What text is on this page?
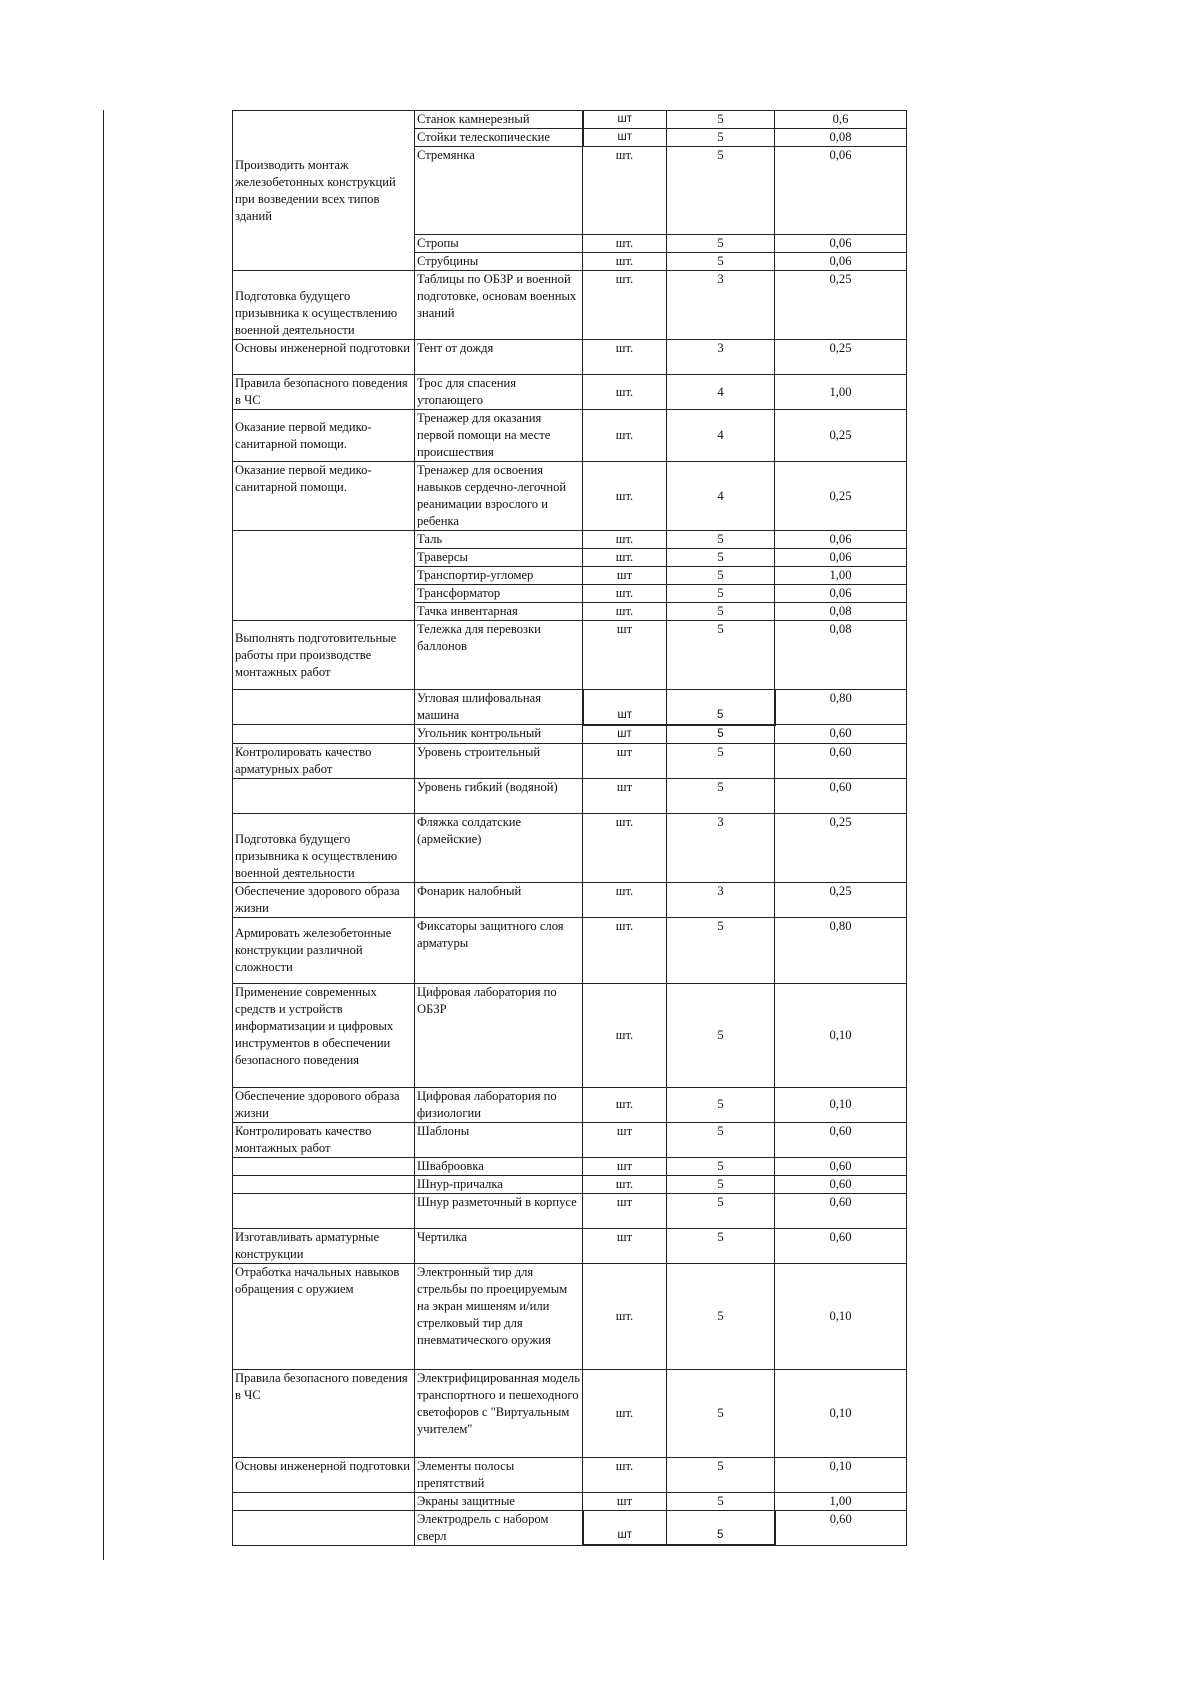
Производить монтаж железобетонных конструкций при возведении всех типов зданий	Станок камнерезный	шт	5	0,6
	Стойки телескопические	шт	5	0,08
	Стремянка	шт.	5	0,06
	Стропы	шт.	5	0,06
	Струбцины	шт.	5	0,06
Подготовка будущего призывника к осуществлению военной деятельности	Таблицы по ОБЗР и военной подготовке, основам военных знаний	шт.	3	0,25
Основы инженерной подготовки	Тент от дождя	шт.	3	0,25
Правила безопасного поведения в ЧС	Трос для спасения утопающего	шт.	4	1,00
Оказание первой медико-санитарной помощи.	Тренажер для оказания первой помощи на месте происшествия	шт.	4	0,25
Оказание первой медико-санитарной помощи.	Тренажер для освоения навыков сердечно-легочной реанимации взрослого и ребенка	шт.	4	0,25
	Таль	шт.	5	0,06
	Траверсы	шт.	5	0,06
	Транспортир-угломер	шт	5	1,00
	Трансформатор	шт.	5	0,06
	Тачка инвентарная	шт.	5	0,08
Выполнять подготовительные работы при производстве монтажных работ	Тележка для перевозки баллонов	шт	5	0,08
	Угловая шлифовальная машина	шт	5	0,80
	Угольник контрольный	шт	5	0,60
Контролировать качество арматурных работ	Уровень строительный	шт	5	0,60
	Уровень гибкий (водяной)	шт	5	0,60
Подготовка будущего призывника к осуществлению военной деятельности	Фляжка солдатские (армейские)	шт.	3	0,25
Обеспечение здорового образа жизни	Фонарик налобный	шт.	3	0,25
Армировать железобетонные конструкции различной сложности	Фиксаторы защитного слоя арматуры	шт.	5	0,80
Применение современных средств и устройств информатизации и цифровых инструментов в обеспечении безопасного поведения	Цифровая лаборатория по ОБЗР	шт.	5	0,10
Обеспечение здорового образа жизни	Цифровая лаборатория по физиологии	шт.	5	0,10
Контролировать качество монтажных работ	Шаблоны	шт	5	0,60
	Шваброовка	шт	5	0,60
	Шнур-причалка	шт.	5	0,60
	Шнур разметочный в корпусе	шт	5	0,60
Изготавливать арматурные конструкции	Чертилка	шт	5	0,60
Отработка начальных навыков обращения с оружием	Электронный тир для стрельбы по проецируемым на экран мишеням и/или стрелковый тир для пневматического оружия	шт.	5	0,10
Правила безопасного поведения в ЧС	Электрифицированная модель транспортного и пешеходного светофоров с "Виртуальным учителем"	шт.	5	0,10
Основы инженерной подготовки	Элементы полосы препятствий	шт.	5	0,10
	Экраны защитные	шт	5	1,00
	Электродрель с набором сверл	шт	5	0,60
